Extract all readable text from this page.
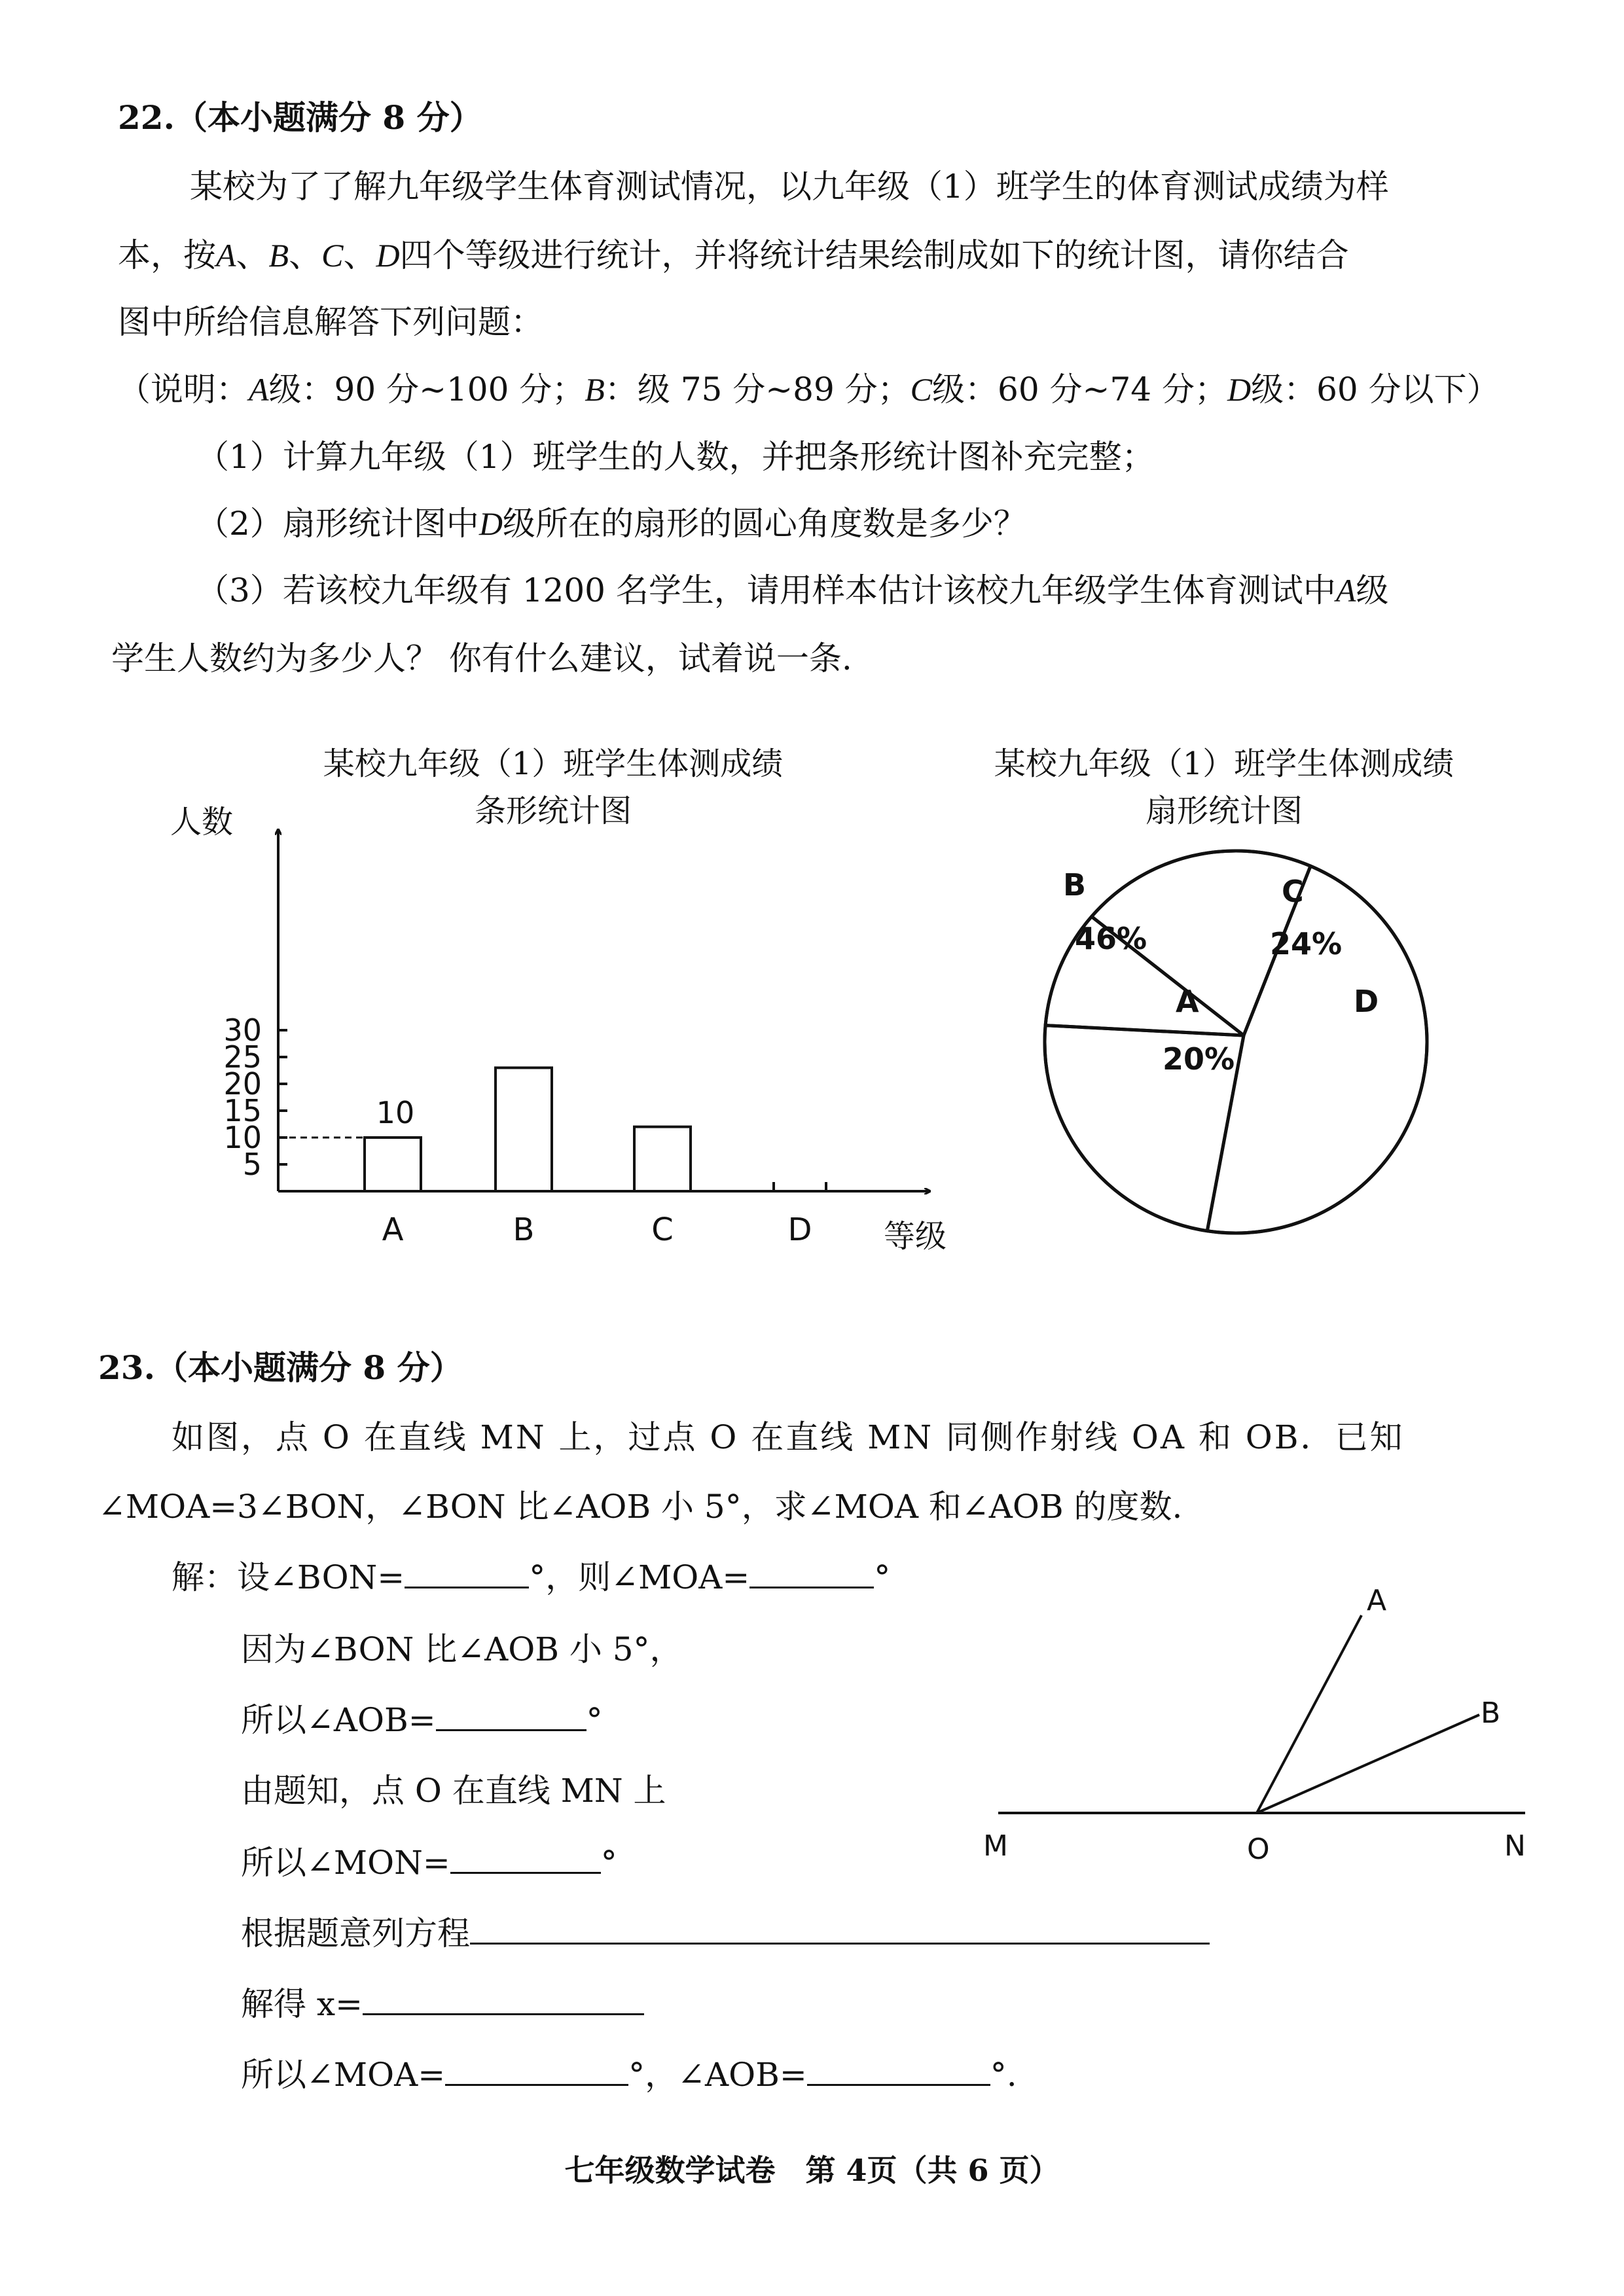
22.（本小题满分 8 分）
某校为了了解九年级学生体育测试情况，以九年级（1）班学生的体育测试成绩为样
本，按A、B、C、D四个等级进行统计，并将统计结果绘制成如下的统计图，请你结合
图中所给信息解答下列问题：
（说明：A级：90 分~100 分；B：级 75 分~89 分；C级：60 分~74 分；D级：60 分以下）
（1）计算九年级（1）班学生的人数，并把条形统计图补充完整；
（2）扇形统计图中D级所在的扇形的圆心角度数是多少？
（3）若该校九年级有 1200 名学生，请用样本估计该校九年级学生体育测试中A级
学生人数约为多少人？ 你有什么建议，试着说一条.
某校九年级（1）班学生体测成绩
条形统计图
某校九年级（1）班学生体测成绩
扇形统计图
人数
等级
5
10
15
20
25
30
A
10
B	C	D
B
46%
C
24%
D
A
20%
23.（本小题满分 8 分）
如图，点 O 在直线 MN 上，过点 O 在直线 MN 同侧作射线 OA 和 OB．已知
∠MOA=3∠BON，∠BON 比∠AOB 小 5°，求∠MOA 和∠AOB 的度数.
解：设∠BON=	°，则∠MOA=	°
因为∠BON 比∠AOB 小 5°，
所以∠AOB=	°
由题知，点 O 在直线 MN 上
所以∠MON=	°
根据题意列方程
解得 x=
所以∠MOA=	°，∠AOB=	°.
A
B
M	O	N
七年级数学试卷　第 4页（共 6 页）
